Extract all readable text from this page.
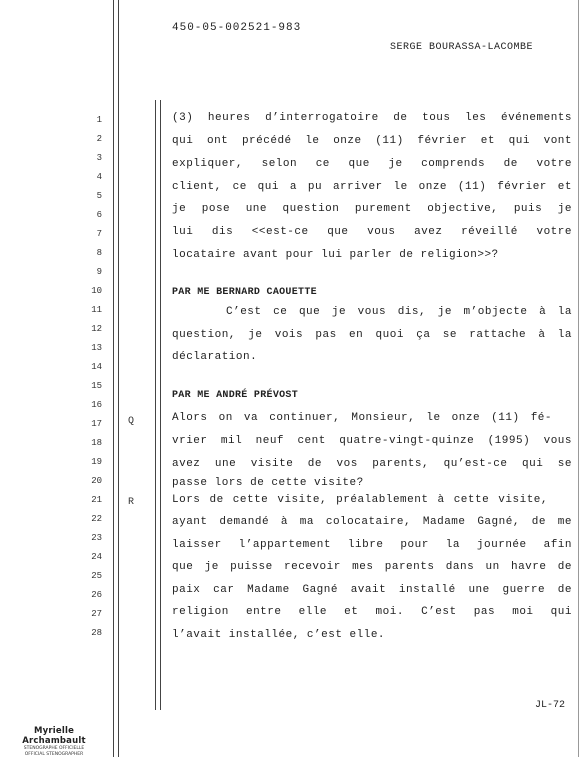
450-05-002521-983
SERGE BOURASSA-LACOMBE
1
2
3
4
5
6
7
8
9
10
11
12
13
14
15
16
17
18
19
20
21
22
23
24
25
26
27
28
Q
R
(3) heures d’interrogatoire de tous les événements
qui ont précédé le onze (11) février et qui vont
expliquer, selon ce que je comprends de votre
client, ce qui a pu arriver le onze (11) février et
je pose une question purement objective, puis je
lui dis <<est-ce que vous avez réveillé votre
locataire avant pour lui parler de religion>>?
PAR ME BERNARD CAOUETTE
C’est ce que je vous dis, je m’objecte à la
question, je vois pas en quoi ça se rattache à la
déclaration.
PAR ME ANDRÉ PRÉVOST
Alors on va continuer, Monsieur, le onze (11) fé-
vrier mil neuf cent quatre-vingt-quinze (1995) vous
avez une visite de vos parents, qu’est-ce qui se
passe lors de cette visite?
Lors de cette visite, préalablement à cette visite,
ayant demandé à ma colocataire, Madame Gagné, de me
laisser l’appartement libre pour la journée afin
que je puisse recevoir mes parents dans un havre de
paix car Madame Gagné avait installé une guerre de
religion entre elle et moi. C’est pas moi qui
l’avait installée, c’est elle.
JL-72
Myrielle Archambault
STENOGRAPHE OFFICIELLE
OFFICIAL STENOGRAPHER
